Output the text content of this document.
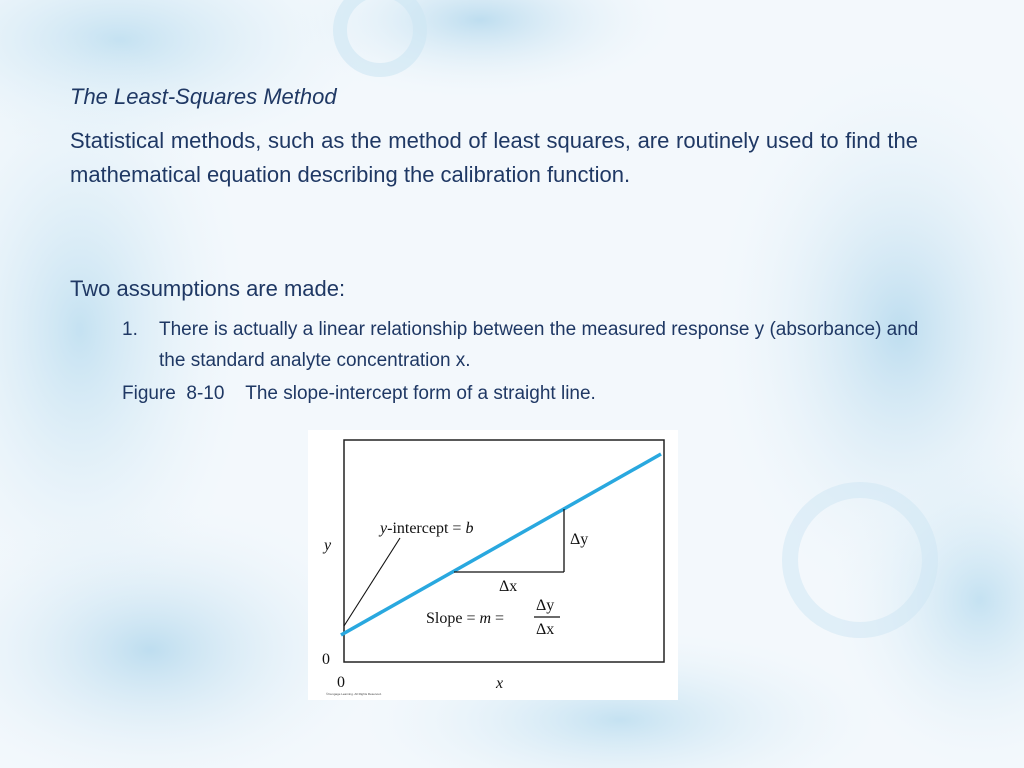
The Least-Squares Method
Statistical methods, such as the method of least squares, are routinely used to find the mathematical equation describing the calibration function.
Two assumptions are made:
1. There is actually a linear relationship between the measured response y (absorbance) and the standard analyte concentration x.
Figure  8-10    The slope-intercept form of a straight line.
y-intercept = b
Δy
Δx
Slope = m =
Δy
Δx
y
0
0	x
©Cengage Learning. All Rights Reserved.
